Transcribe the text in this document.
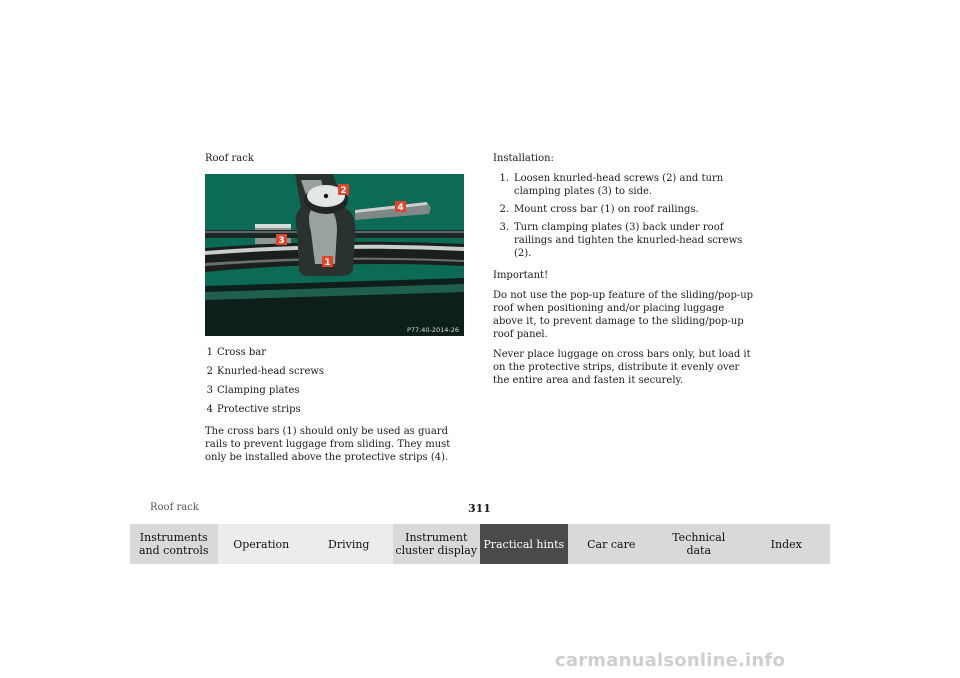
Roof rack
1
2
3
4
P77.40-2014-26
1 Cross bar
2 Knurled-head screws
3 Clamping plates
4 Protective strips

The cross bars (1) should only be used as guard rails to prevent luggage from sliding. They must only be installed above the protective strips (4).

Installation:

1. Loosen knurled-head screws (2) and turn clamping plates (3) to side.
2. Mount cross bar (1) on roof railings.
3. Turn clamping plates (3) back under roof railings and tighten the knurled-head screws (2).

Important!

Do not use the pop-up feature of the sliding/pop-up roof when positioning and/or placing luggage above it, to prevent damage to the sliding/pop-up roof panel.

Never place luggage on cross bars only, but load it on the protective strips, distribute it evenly over the entire area and fasten it securely.

Roof rack	311
Instruments
and controls Operation	Driving	Instrument
cluster display Practical hints Car care	Technical
data	Index
carmanualsonline.info
